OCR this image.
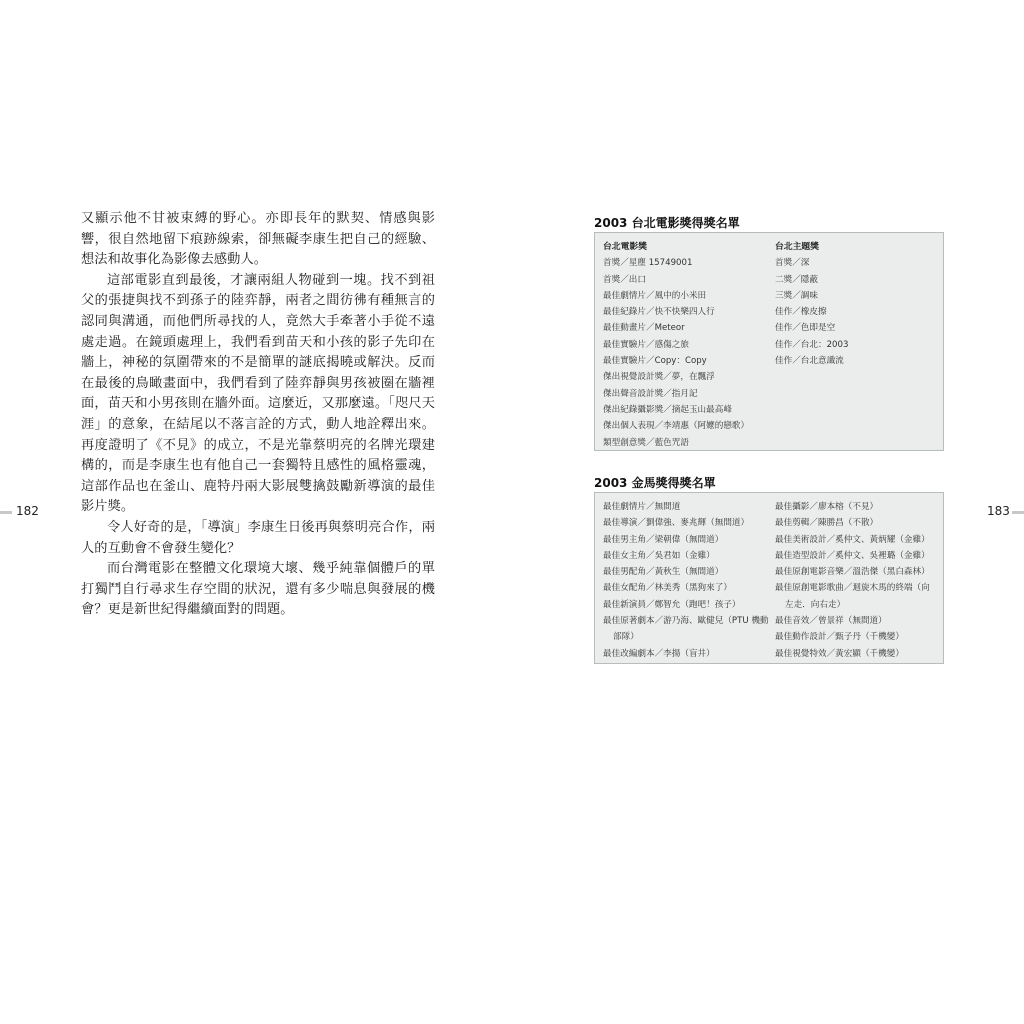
又顯示他不甘被束縛的野心。亦即長年的默契、情感與影響，很自然地留下痕跡線索，卻無礙李康生把自己的經驗、想法和故事化為影像去感動人。

這部電影直到最後，才讓兩組人物碰到一塊。找不到祖父的張捷與找不到孫子的陸弈靜，兩者之間彷彿有種無言的認同與溝通，而他們所尋找的人，竟然大手牽著小手從不遠處走過。在鏡頭處理上，我們看到苗天和小孩的影子先印在牆上，神秘的氛圍帶來的不是簡單的謎底揭曉或解決。反而在最後的鳥瞰畫面中，我們看到了陸弈靜與男孩被圈在牆裡面，苗天和小男孩則在牆外面。這麼近，又那麼遠。「咫尺天涯」的意象，在結尾以不落言詮的方式，動人地詮釋出來。再度證明了《不見》的成立，不是光靠蔡明亮的名牌光環建構的，而是李康生也有他自己一套獨特且感性的風格靈魂，這部作品也在釜山、鹿特丹兩大影展雙擒鼓勵新導演的最佳影片獎。

令人好奇的是，「導演」李康生日後再與蔡明亮合作，兩人的互動會不會發生變化？

而台灣電影在整體文化環境大壞、幾乎純靠個體戶的單打獨鬥自行尋求生存空間的狀況，還有多少喘息與發展的機會？更是新世紀得繼續面對的問題。

182	183
2003 台北電影獎得獎名單
台北電影獎
首獎／星塵 15749001
首獎／出口
最佳劇情片／風中的小米田
最佳紀錄片／快不快樂四人行
最佳動畫片／Meteor
最佳實驗片／感傷之旅
最佳實驗片／Copy：Copy
傑出視覺設計獎／夢，在飄浮
傑出聲音設計獎／指月記
傑出紀錄攝影獎／摘起玉山最高峰
傑出個人表現／李靖惠（阿嬤的戀歌）
類型創意獎／藍色咒語
台北主題獎
首獎／深
二獎／隱蔽
三獎／調味
佳作／橡皮擦
佳作／色即是空
佳作／台北：2003
佳作／台北意識流
2003 金馬獎得獎名單
最佳劇情片／無間道
最佳導演／劉偉強、麥兆輝（無間道）
最佳男主角／梁朝偉（無間道）
最佳女主角／吳君如（金雞）
最佳男配角／黃秋生（無間道）
最佳女配角／林美秀（黑狗來了）
最佳新演員／鄭智允（跑吧！孩子）
最佳原著劇本／游乃海、歐健兒（PTU 機動
部隊）
最佳改編劇本／李揚（盲井）
最佳攝影／廖本榕（不見）
最佳剪輯／陳勝昌（不散）
最佳美術設計／奚仲文、黃炳耀（金雞）
最佳造型設計／奚仲文、吳裡璐（金雞）
最佳原創電影音樂／溫浩傑（黑白森林）
最佳原創電影歌曲／迴旋木馬的終端（向
左走．向右走）
最佳音效／曾景祥（無間道）
最佳動作設計／甄子丹（千機變）
最佳視覺特效／黃宏顯（千機變）
